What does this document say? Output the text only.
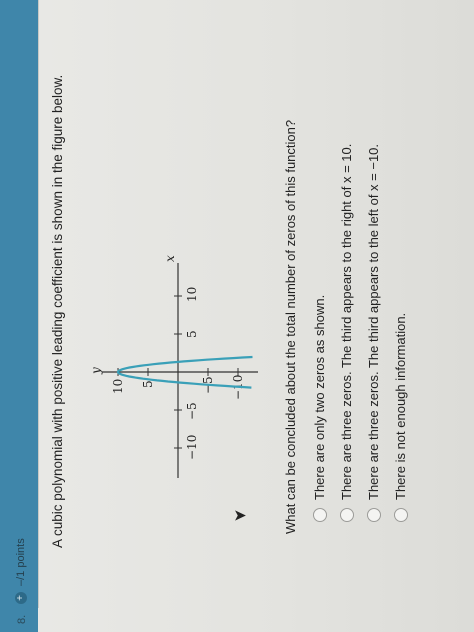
8.
+
–/1 points
A cubic polynomial with positive leading coefficient is shown in the figure below.	−10
−5
5
10
10 5	−5 −10
y
x
➤	What can be concluded about the total number of zeros of this function? There are only two zeros as shown. There are three zeros. The third appears to the right of x = 10. There are three zeros. The third appears to the left of x = −10. There is not enough information.
